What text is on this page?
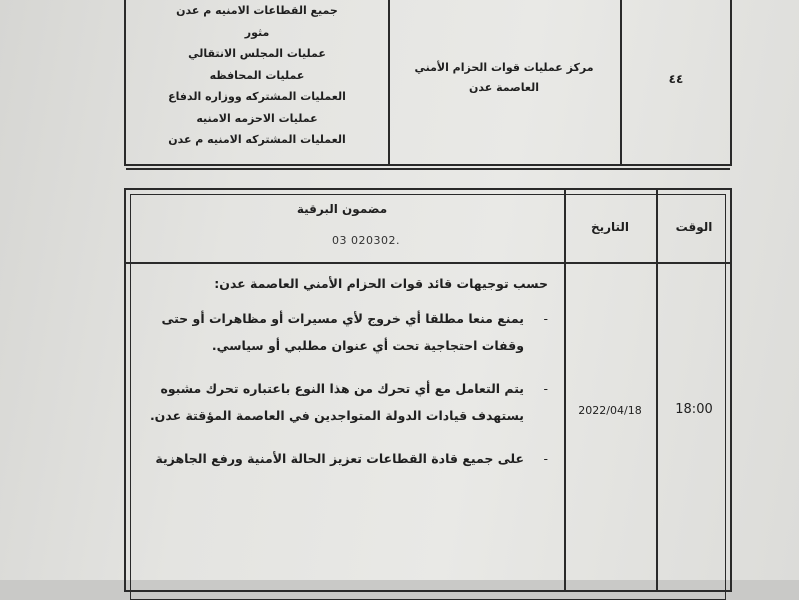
جميع القطاعات الامنيه م عدن
مثور
عمليات المجلس الانتقالي
عمليات المحافظه
العمليات المشتركه ووزاره الدفاع
عمليات الاحزمه الامنيه
العمليات المشتركه الامنيه م عدن
مركز عمليات قوات الحزام الأمني العاصمة عدن
٤٤
مضمون البرقية
03 020302.
التاريخ	الوقت
حسب توجيهات قائد قوات الحزام الأمني العاصمة عدن:
-
يمنع منعا مطلقا أي خروج لأي مسيرات أو مظاهرات أو حتى وقفات احتجاجية تحت أي عنوان مطلبي أو سياسي.
-
يتم التعامل مع أي تحرك من هذا النوع باعتباره تحرك مشبوه يستهدف قيادات الدولة المتواجدين في العاصمة المؤقتة عدن.
-
على جميع قادة القطاعات تعزيز الحالة الأمنية ورفع الجاهزية
2022/04/18	18:00
